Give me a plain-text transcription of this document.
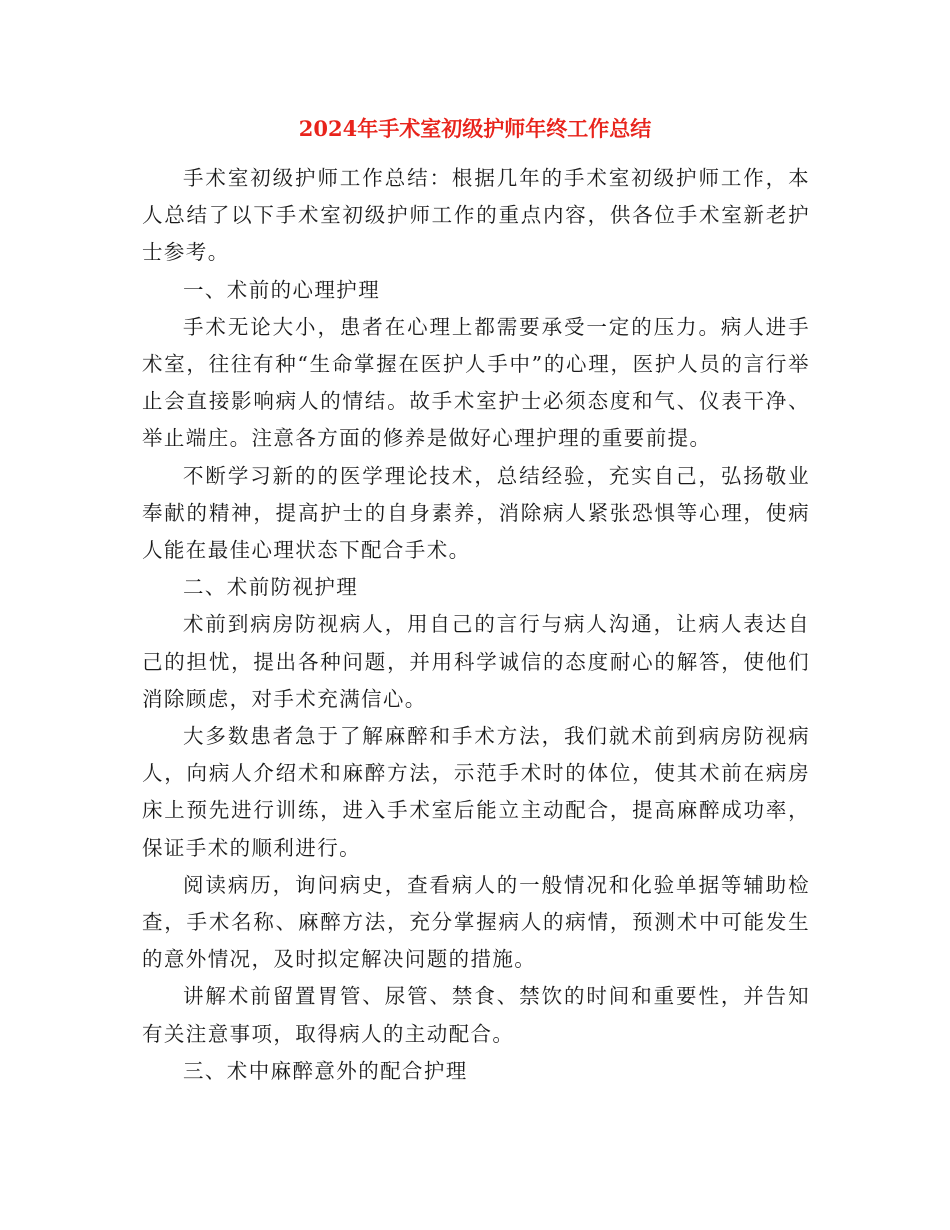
2024年手术室初级护师年终工作总结

手术室初级护师工作总结：根据几年的手术室初级护师工作，本人总结了以下手术室初级护师工作的重点内容，供各位手术室新老护士参考。

一、术前的心理护理

手术无论大小，患者在心理上都需要承受一定的压力。病人进手术室，往往有种“生命掌握在医护人手中”的心理，医护人员的言行举止会直接影响病人的情结。故手术室护士必须态度和气、仪表干净、举止端庄。注意各方面的修养是做好心理护理的重要前提。

不断学习新的的医学理论技术，总结经验，充实自己，弘扬敬业奉献的精神，提高护士的自身素养，消除病人紧张恐惧等心理，使病人能在最佳心理状态下配合手术。

二、术前防视护理

术前到病房防视病人，用自己的言行与病人沟通，让病人表达自己的担忧，提出各种问题，并用科学诚信的态度耐心的解答，使他们消除顾虑，对手术充满信心。

大多数患者急于了解麻醉和手术方法，我们就术前到病房防视病人，向病人介绍术和麻醉方法，示范手术时的体位，使其术前在病房床上预先进行训练，进入手术室后能立主动配合，提高麻醉成功率，保证手术的顺利进行。

阅读病历，询问病史，查看病人的一般情况和化验单据等辅助检查，手术名称、麻醉方法，充分掌握病人的病情，预测术中可能发生的意外情况，及时拟定解决问题的措施。

讲解术前留置胃管、尿管、禁食、禁饮的时间和重要性，并告知有关注意事项，取得病人的主动配合。

三、术中麻醉意外的配合护理
